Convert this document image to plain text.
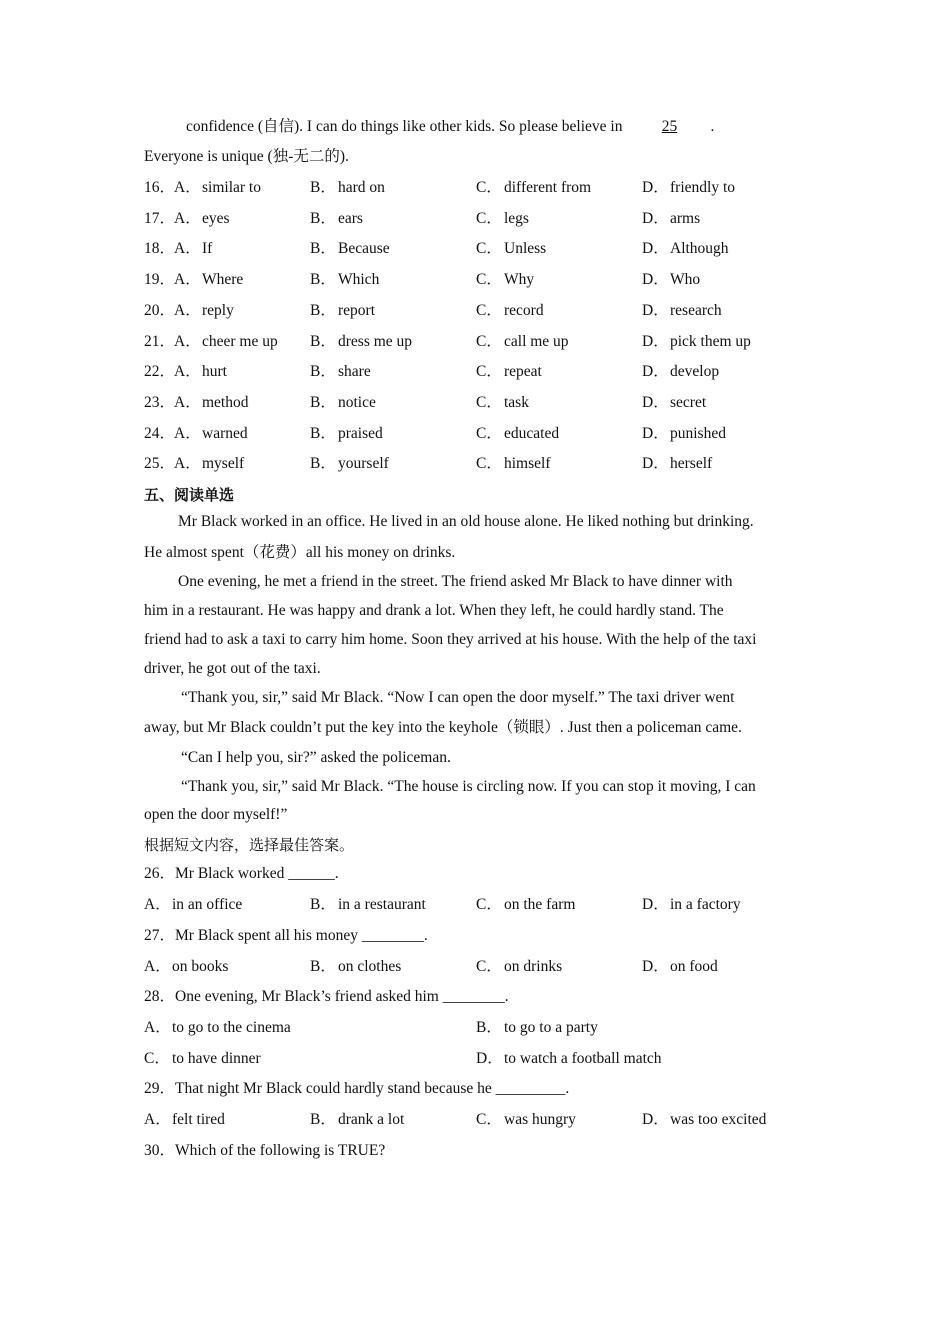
confidence (自信). I can do things like other kids. So please believe in	25 .
Everyone is unique (独-无二的).
16．
A．similar to	B． hard on	C． different from	D．friendly to
17．
A．eyes	B． ears	C． legs	D．arms
18．
A．If	B． Because	C． Unless	D．Although
19．
A．Where	B． Which	C． Why	D．Who
20．
A．reply	B． report	C． record	D．research
21．
A．cheer me up B． dress me up	C． call me up	D．pick them up
22．
A．hurt	B． share	C． repeat	D．develop
23．
A．method	B． notice	C． task	D．secret
24．
A．warned	B． praised	C． educated	D．punished
25．
A．myself	B． yourself	C． himself	D．herself
五、阅读单选
Mr Black worked in an office. He lived in an old house alone. He liked nothing but drinking.
He almost spent（花费）all his money on drinks.
One evening, he met a friend in the street. The friend asked Mr Black to have dinner with
him in a restaurant. He was happy and drank a lot. When they left, he could hardly stand. The
friend had to ask a taxi to carry him home. Soon they arrived at his house. With the help of the taxi
driver, he got out of the taxi.
“Thank you, sir,” said Mr Black. “Now I can open the door myself.” The taxi driver went
away, but Mr Black couldn’t put the key into the keyhole（锁眼）. Just then a policeman came.
“Can I help you, sir?” asked the policeman.
“Thank you, sir,” said Mr Black. “The house is circling now. If you can stop it moving, I can
open the door myself!”
根据短文内容，选择最佳答案。
26．Mr Black worked ______.
A．in an office	B． in a restaurant	C． on the farm	D．in a factory
27．Mr Black spent all his money ________.
A．on books	B． on clothes	C． on drinks	D．on food
28．One evening, Mr Black’s friend asked him ________.
A．to go to the cinema	B． to go to a party
C． to have dinner	D．to watch a football match
29．That night Mr Black could hardly stand because he _________.
A．felt tired	B． drank a lot	C． was hungry	D．was too excited
30．Which of the following is TRUE?
